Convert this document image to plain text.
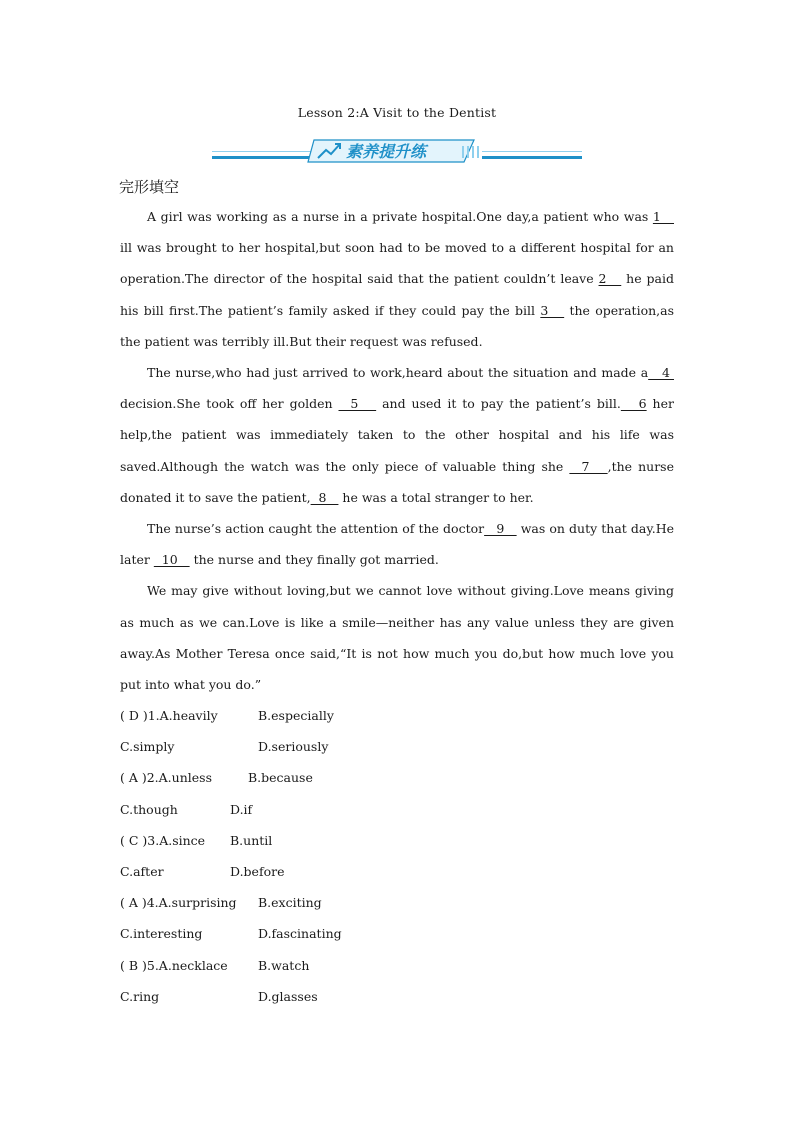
Lesson 2:A Visit to the Dentist
素养提升练
完形填空

A girl was working as a nurse in a private hospital.One day,a patient who was 1    ill was brought to her hospital,but soon had to be moved to a different hospital for an operation.The director of the hospital said that the patient couldn’t leave 2    he paid his bill first.The patient’s family asked if they could pay the bill 3    the operation,as the patient was terribly ill.But their request was refused.

The nurse,who had just arrived to work,heard about the situation and made a   4  decision.She took off her golden   5    and used it to pay the patient’s bill.   6 her help,the patient was immediately taken to the other hospital and his life was saved.Although the watch was the only piece of valuable thing she   7   ,the nurse donated it to save the patient,  8    he was a total stranger to her.

The nurse’s action caught the attention of the doctor   9    was on duty that day.He later   10    the nurse and they finally got married.

We may give without loving,but we cannot love without giving.Love means giving as much as we can.Love is like a smile—neither has any value unless they are given away.As Mother Teresa once said,“It is not how much you do,but how much love you put into what you do.”

( D )1.A.heavily	B.especially
C.simply	D.seriously
( A )2.A.unless	B.because
C.though	D.if
( C )3.A.since B.until
C.after	D.before
( A )4.A.surprising B.exciting
C.interesting	D.fascinating
( B )5.A.necklace B.watch
C.ring	D.glasses
